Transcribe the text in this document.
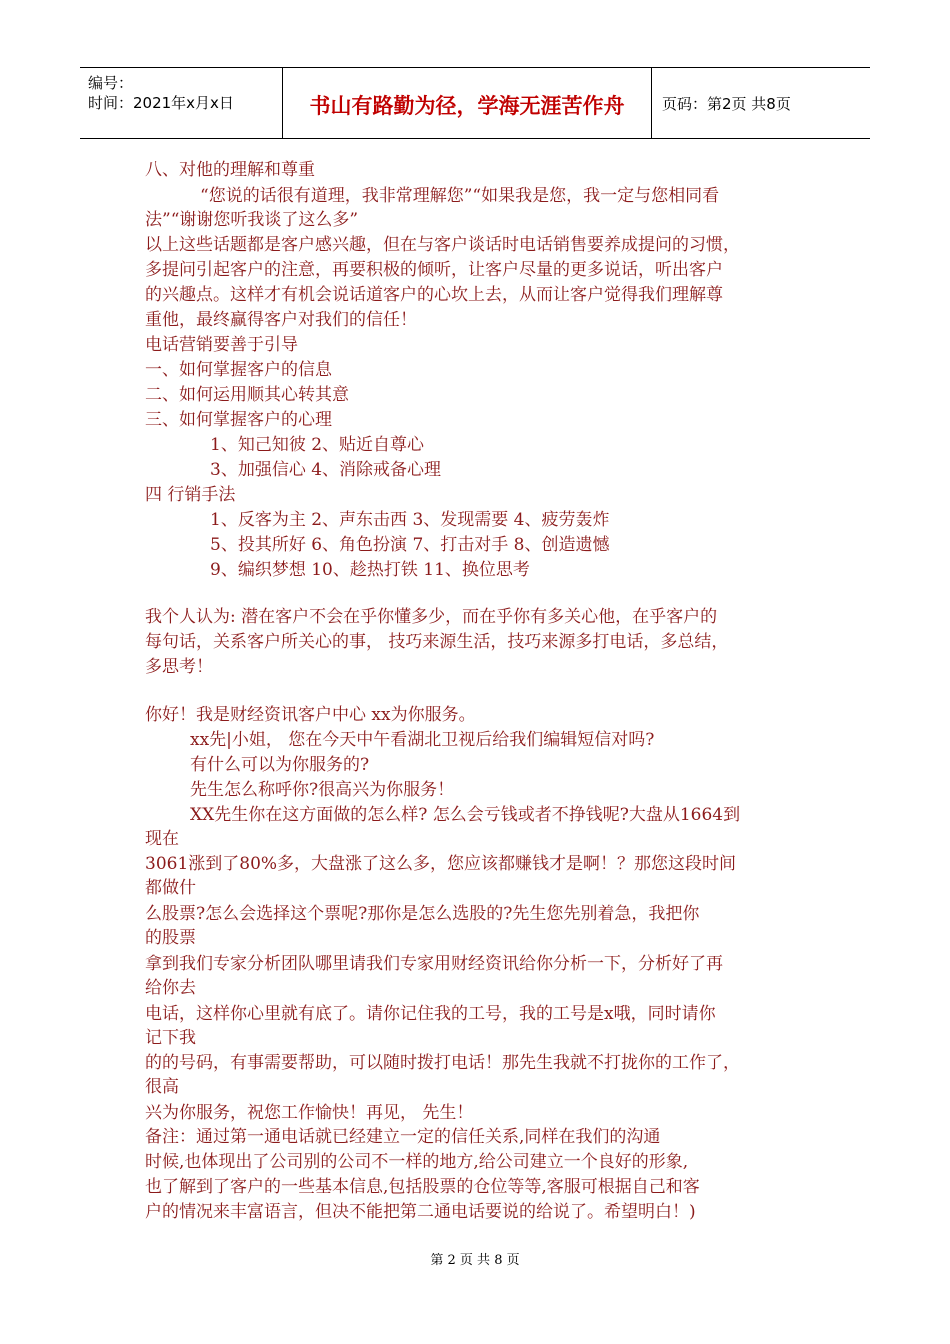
编号：
时间：2021年x月x日	书山有路勤为径，学海无涯苦作舟	页码：第2页 共8页
八、对他的理解和尊重
“您说的话很有道理，我非常理解您”“如果我是您，我一定与您相同看
法”“谢谢您听我谈了这么多”
以上这些话题都是客户感兴趣，但在与客户谈话时电话销售要养成提问的习惯，
多提问引起客户的注意，再要积极的倾听，让客户尽量的更多说话，听出客户
的兴趣点。这样才有机会说话道客户的心坎上去，从而让客户觉得我们理解尊
重他，最终赢得客户对我们的信任！
电话营销要善于引导
一、如何掌握客户的信息
二、如何运用顺其心转其意
三、如何掌握客户的心理
1、知己知彼 2、贴近自尊心
3、加强信心 4、消除戒备心理
四 行销手法
1、反客为主 2、声东击西 3、发现需要 4、疲劳轰炸
5、投其所好 6、角色扮演 7、打击对手 8、创造遗憾
9、编织梦想 10、趁热打铁 11、换位思考
我个人认为: 潜在客户不会在乎你懂多少，而在乎你有多关心他，在乎客户的
每句话，关系客户所关心的事， 技巧来源生活，技巧来源多打电话，多总结，
多思考！
你好！我是财经资讯客户中心 xx为你服务。
xx先|小姐， 您在今天中午看湖北卫视后给我们编辑短信对吗?
有什么可以为你服务的?
先生怎么称呼你?很高兴为你服务！
XX先生你在这方面做的怎么样? 怎么会亏钱或者不挣钱呢?大盘从1664到
现在
3061涨到了80%多，大盘涨了这么多，您应该都赚钱才是啊！？那您这段时间
都做什
么股票?怎么会选择这个票呢?那你是怎么选股的?先生您先别着急，我把你
的股票
拿到我们专家分析团队哪里请我们专家用财经资讯给你分析一下，分析好了再
给你去
电话，这样你心里就有底了。请你记住我的工号，我的工号是x哦，同时请你
记下我
的的号码，有事需要帮助，可以随时拨打电话！那先生我就不打拢你的工作了，
很高
兴为你服务，祝您工作愉快！再见， 先生！
备注：通过第一通电话就已经建立一定的信任关系,同样在我们的沟通
时候,也体现出了公司别的公司不一样的地方,给公司建立一个良好的形象,
也了解到了客户的一些基本信息,包括股票的仓位等等,客服可根据自己和客
户的情况来丰富语言，但决不能把第二通电话要说的给说了。希望明白！)
第 2 页 共 8 页
